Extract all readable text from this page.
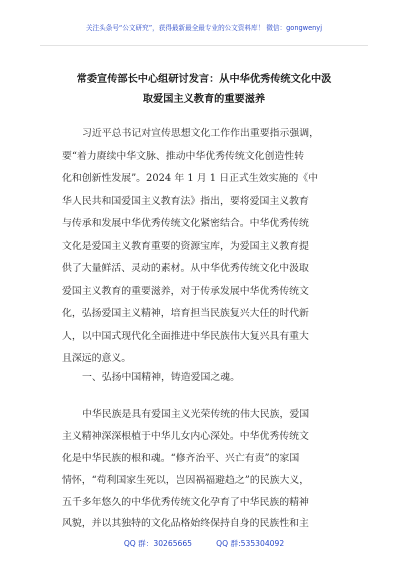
关注头条号“公文研究”，获得最新最全最专业的公文资料库！ 微信：gongwenyj
常委宣传部长中心组研讨发言：从中华优秀传统文化中汲
取爱国主义教育的重要滋养
习近平总书记对宣传思想文化工作作出重要指示强调，
要“着力赓续中华文脉、推动中华优秀传统文化创造性转
化和创新性发展”。2024 年 1 月 1 日正式生效实施的《中
华人民共和国爱国主义教育法》指出，要将爱国主义教育
与传承和发展中华优秀传统文化紧密结合。中华优秀传统
文化是爱国主义教育重要的资源宝库，为爱国主义教育提
供了大量鲜活、灵动的素材。从中华优秀传统文化中汲取
爱国主义教育的重要滋养，对于传承发展中华优秀传统文
化，弘扬爱国主义精神，培育担当民族复兴大任的时代新
人，以中国式现代化全面推进中华民族伟大复兴具有重大
且深远的意义。
一、弘扬中国精神，铸造爱国之魂。
中华民族是具有爱国主义光荣传统的伟大民族，爱国
主义精神深深根植于中华儿女内心深处。中华优秀传统文
化是中华民族的根和魂。“修齐治平、兴亡有责”的家国
情怀，“苟利国家生死以，岂因祸福避趋之”的民族大义，
五千多年悠久的中华优秀传统文化孕育了中华民族的精神
风貌，并以其独特的文化品格始终保持自身的民族性和主
QQ 群：30265665          QQ 群:535304092
